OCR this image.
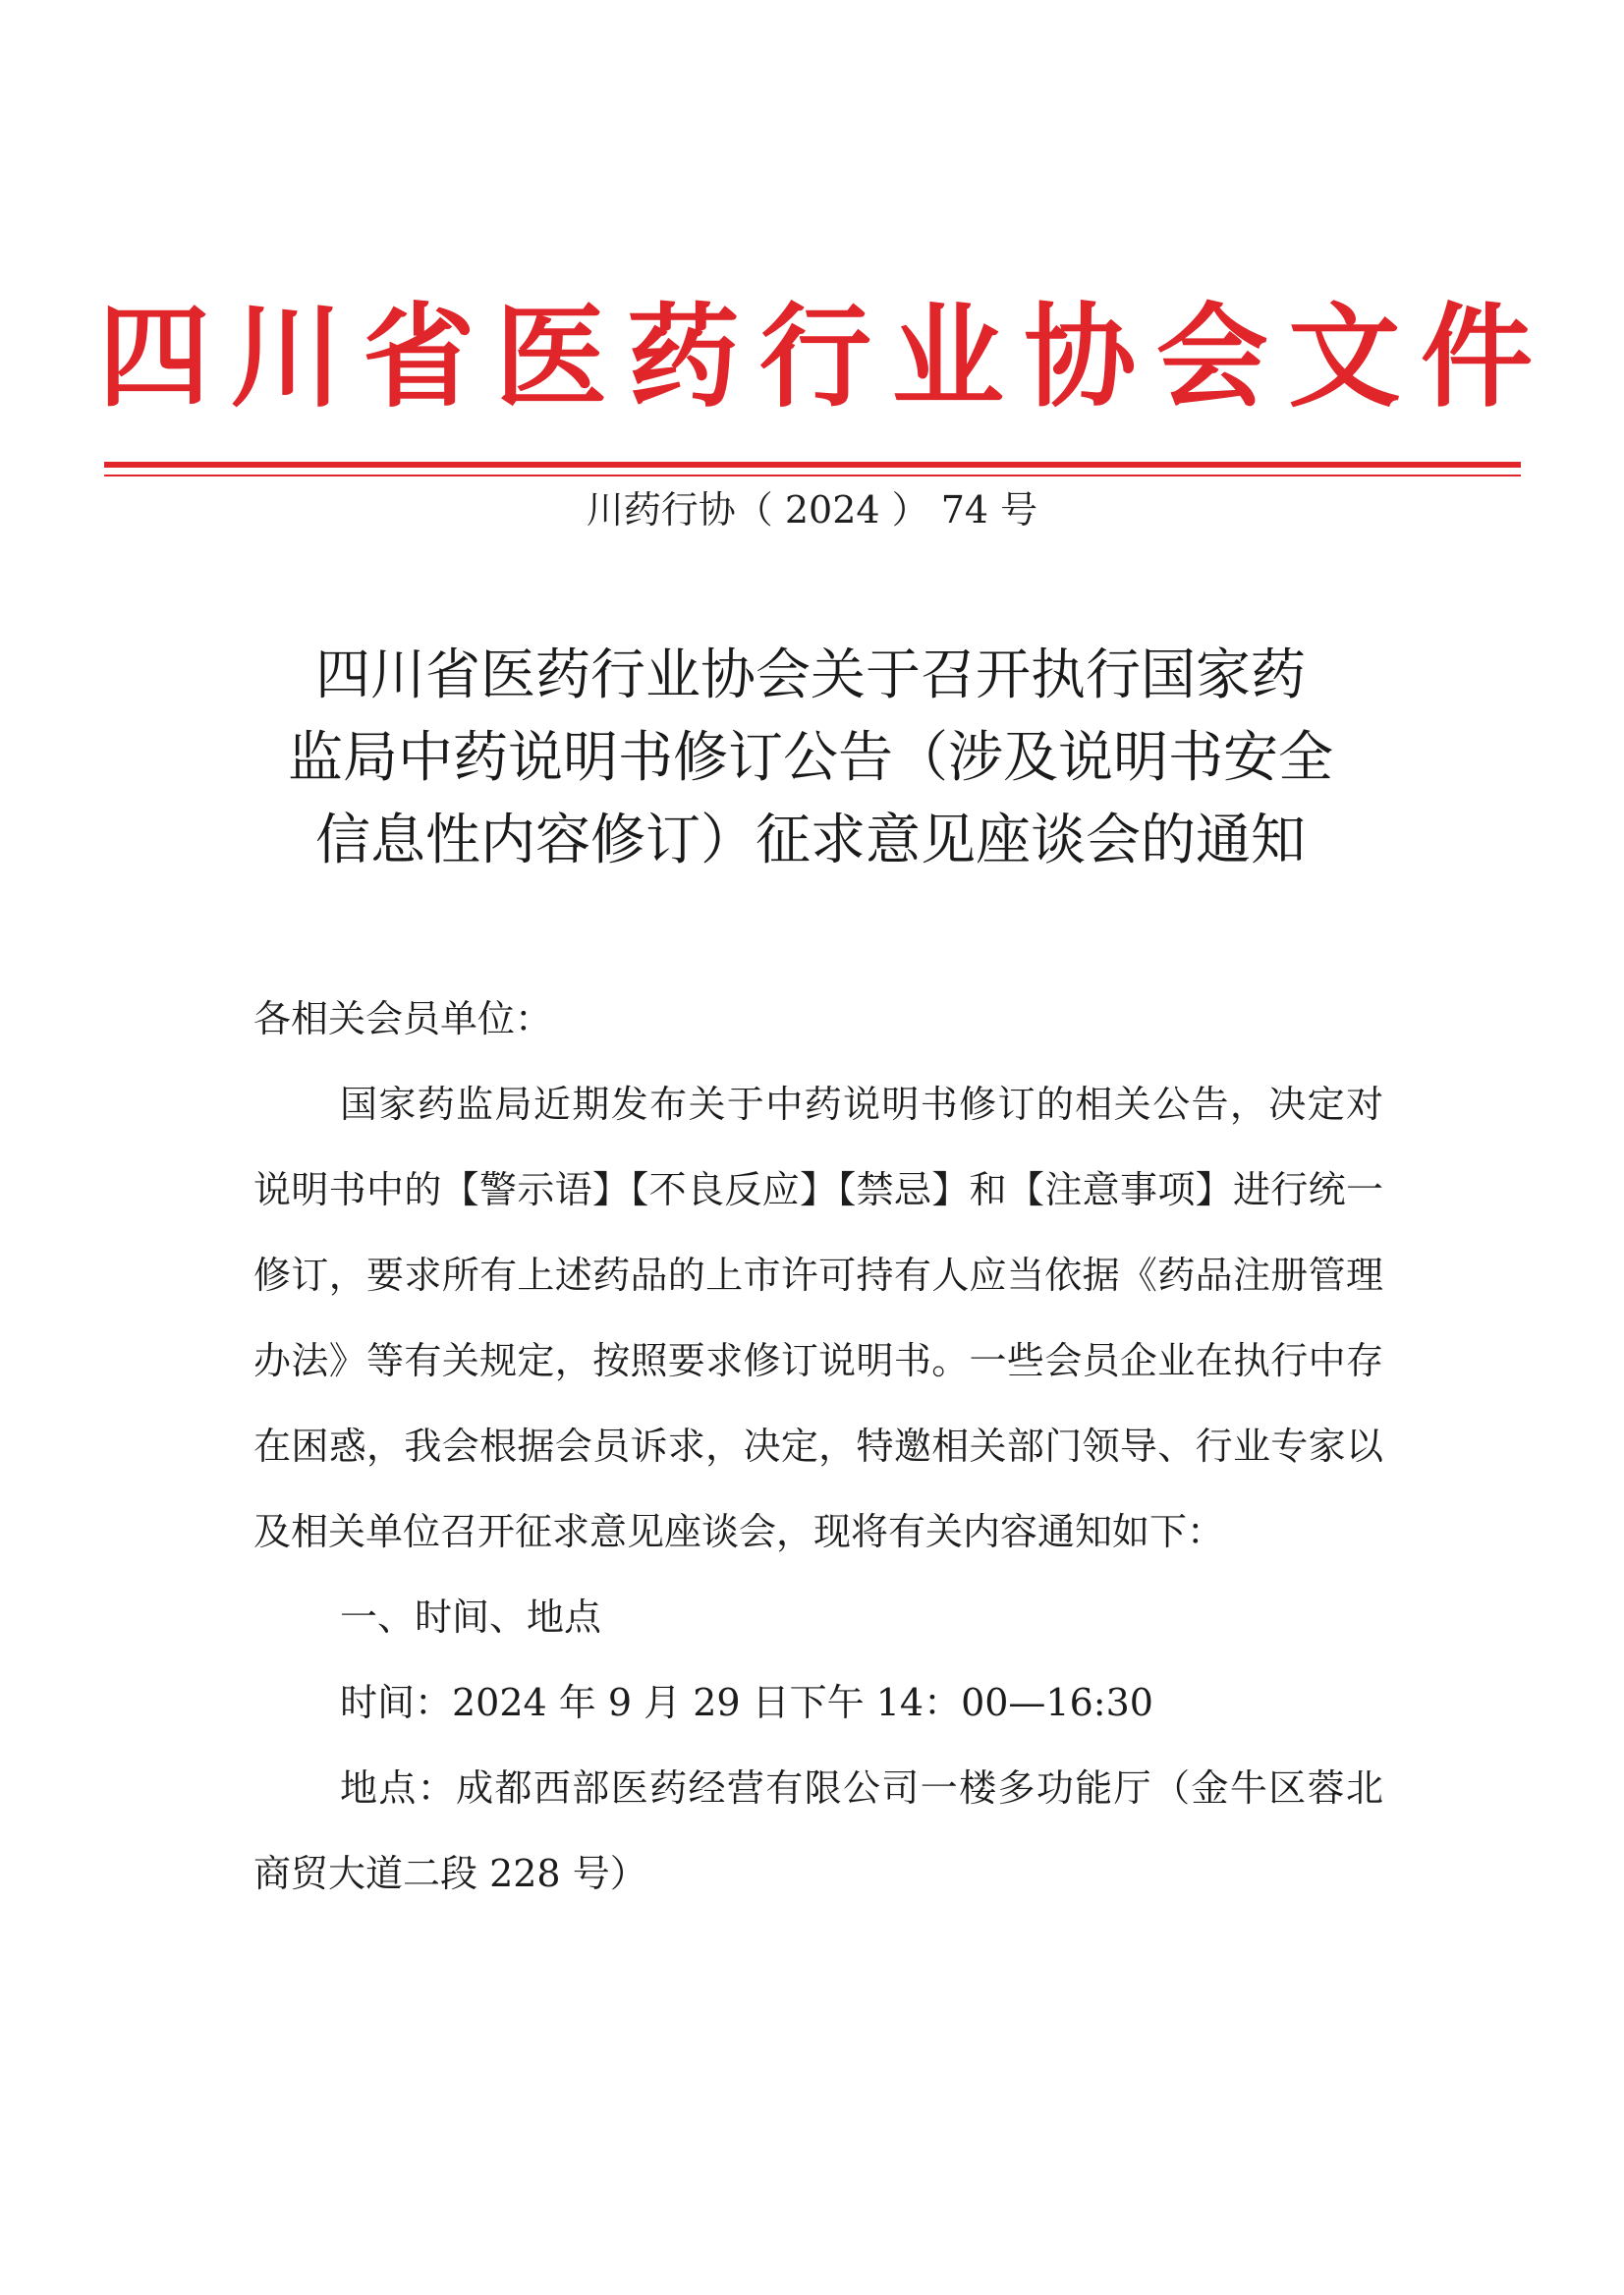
四川省医药行业协会文件
川药行协（ 2024 ） 74 号
四川省医药行业协会关于召开执行国家药
监局中药说明书修订公告（涉及说明书安全
信息性内容修订）征求意见座谈会的通知

各相关会员单位：

国家药监局近期发布关于中药说明书修订的相关公告，决定对说明书中的【警示语】【不良反应】【禁忌】和【注意事项】进行统一修订，要求所有上述药品的上市许可持有人应当依据《药品注册管理办法》等有关规定，按照要求修订说明书。一些会员企业在执行中存在困惑，我会根据会员诉求，决定，特邀相关部门领导、行业专家以及相关单位召开征求意见座谈会，现将有关内容通知如下：

一、时间、地点

时间：2024 年 9 月 29 日下午 14：00—16:30

地点：成都西部医药经营有限公司一楼多功能厅（金牛区蓉北商贸大道二段 228 号）
